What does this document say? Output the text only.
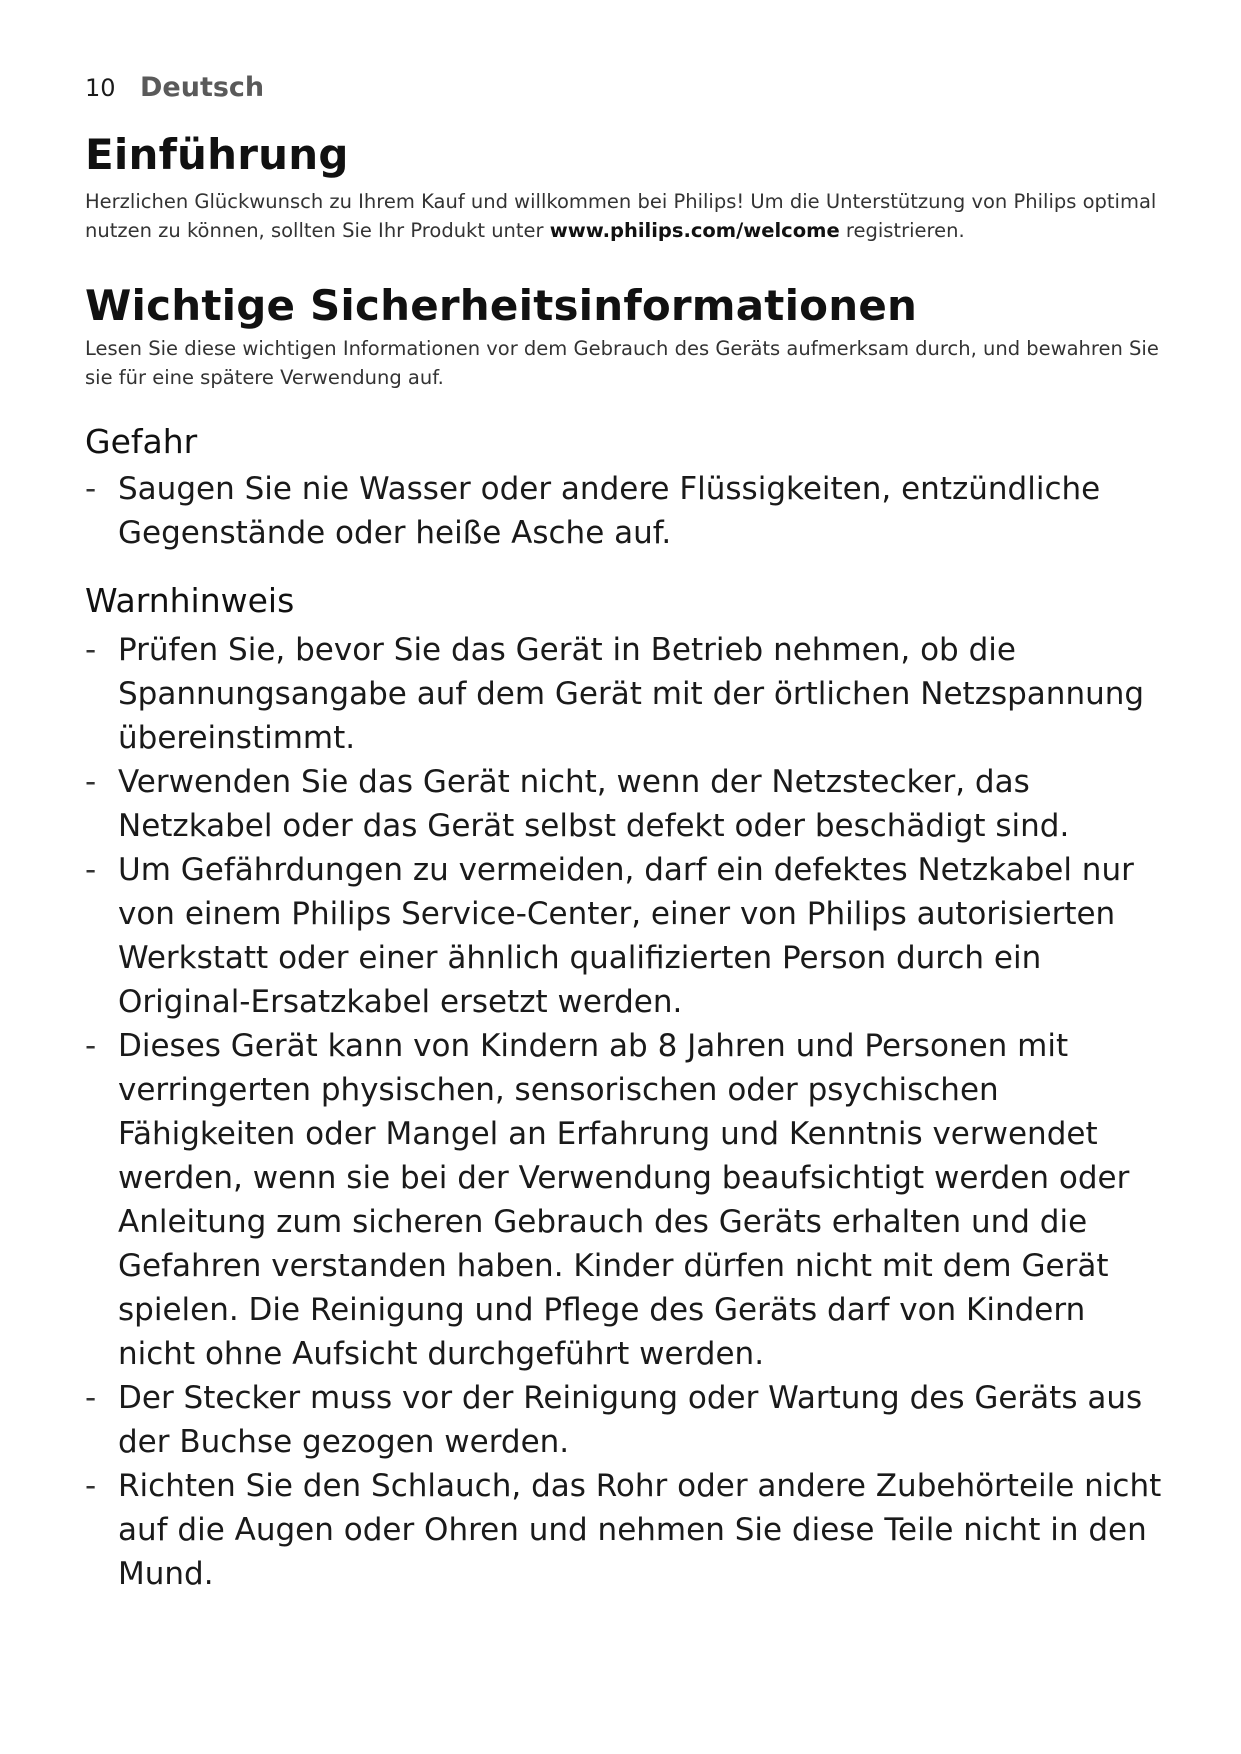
10 Deutsch
Einführung

Herzlichen Glückwunsch zu Ihrem Kauf und willkommen bei Philips! Um die Unterstützung von Philips optimal nutzen zu können, sollten Sie Ihr Produkt unter www.philips.com/welcome registrieren.

Wichtige Sicherheitsinformationen

Lesen Sie diese wichtigen Informationen vor dem Gebrauch des Geräts aufmerksam durch, und bewahren Sie sie für eine spätere Verwendung auf.

Gefahr
- Saugen Sie nie Wasser oder andere Flüssigkeiten, entzündliche Gegenstände oder heiße Asche auf.
Warnhinweis
- Prüfen Sie, bevor Sie das Gerät in Betrieb nehmen, ob die Spannungsangabe auf dem Gerät mit der örtlichen Netzspannung übereinstimmt.
- Verwenden Sie das Gerät nicht, wenn der Netzstecker, das Netzkabel oder das Gerät selbst defekt oder beschädigt sind.
- Um Gefährdungen zu vermeiden, darf ein defektes Netzkabel nur von einem Philips Service-Center, einer von Philips autorisierten Werkstatt oder einer ähnlich qualifizierten Person durch ein Original-Ersatzkabel ersetzt werden.
- Dieses Gerät kann von Kindern ab 8 Jahren und Personen mit verringerten physischen, sensorischen oder psychischen Fähigkeiten oder Mangel an Erfahrung und Kenntnis verwendet werden, wenn sie bei der Verwendung beaufsichtigt werden oder Anleitung zum sicheren Gebrauch des Geräts erhalten und die Gefahren verstanden haben. Kinder dürfen nicht mit dem Gerät spielen. Die Reinigung und Pflege des Geräts darf von Kindern nicht ohne Aufsicht durchgeführt werden.
- Der Stecker muss vor der Reinigung oder Wartung des Geräts aus der Buchse gezogen werden.
- Richten Sie den Schlauch, das Rohr oder andere Zubehörteile nicht auf die Augen oder Ohren und nehmen Sie diese Teile nicht in den Mund.
